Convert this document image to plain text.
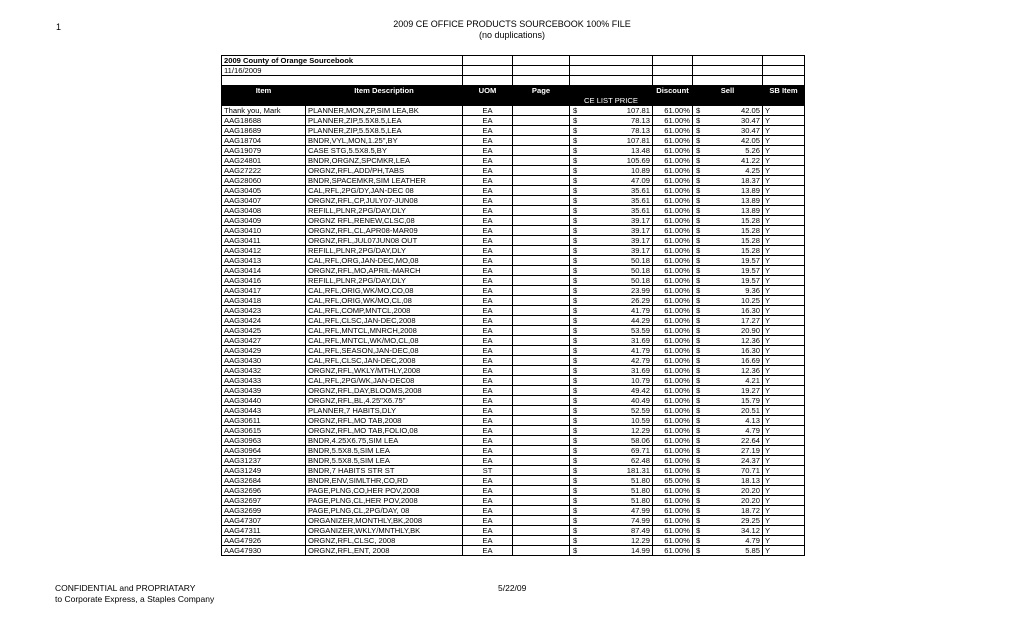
1	2009 CE OFFICE PRODUCTS SOURCEBOOK 100% FILE
(no duplications)
2009 County of Orange Sourcebook							
11/16/2009							

Item	Item Description	UOM	Page		Discount	Sell	SB Item
				CE LIST PRICE			
Thank you, Mark	PLANNER,MON,ZP,SIM LEA,BK	EA		$ 107.81	61.00%	$ 42.05	Y
AAG18688	PLANNER,ZIP,5.5X8.5,LEA	EA		$ 78.13	61.00%	$ 30.47	Y
AAG18689	PLANNER,ZIP,5.5X8.5,LEA	EA		$ 78.13	61.00%	$ 30.47	Y
AAG18704	BNDR,VYL,MON,1.25",BY	EA		$ 107.81	61.00%	$ 42.05	Y
AAG19079	CASE STG,5.5X8.5,BY	EA		$ 13.48	61.00%	$ 5.26	Y
AAG24801	BNDR,ORGNZ,SPCMKR,LEA	EA		$ 105.69	61.00%	$ 41.22	Y
AAG27222	ORGNZ,RFL,ADD/PH,TABS	EA		$ 10.89	61.00%	$ 4.25	Y
AAG28060	BNDR,SPACEMKR,SIM LEATHER	EA		$ 47.09	61.00%	$ 18.37	Y
AAG30405	CAL,RFL,2PG/DY,JAN-DEC 08	EA		$ 35.61	61.00%	$ 13.89	Y
AAG30407	ORGNZ,RFL,CP,JULY07-JUN08	EA		$ 35.61	61.00%	$ 13.89	Y
AAG30408	REFILL,PLNR,2PG/DAY,DLY	EA		$ 35.61	61.00%	$ 13.89	Y
AAG30409	ORGNZ RFL,RENEW,CLSC,08	EA		$ 39.17	61.00%	$ 15.28	Y
AAG30410	ORGNZ,RFL,CL,APR08-MAR09	EA		$ 39.17	61.00%	$ 15.28	Y
AAG30411	ORGNZ,RFL,JUL07JUN08 OUT	EA		$ 39.17	61.00%	$ 15.28	Y
AAG30412	REFILL,PLNR,2PG/DAY,DLY	EA		$ 39.17	61.00%	$ 15.28	Y
AAG30413	CAL,RFL,ORG,JAN-DEC,MO,08	EA		$ 50.18	61.00%	$ 19.57	Y
AAG30414	ORGNZ,RFL,MO,APRIL-MARCH	EA		$ 50.18	61.00%	$ 19.57	Y
AAG30416	REFILL,PLNR,2PG/DAY,DLY	EA		$ 50.18	61.00%	$ 19.57	Y
AAG30417	CAL,RFL,ORIG,WK/MO,CO,08	EA		$ 23.99	61.00%	$ 9.36	Y
AAG30418	CAL,RFL,ORIG,WK/MO,CL,08	EA		$ 26.29	61.00%	$ 10.25	Y
AAG30423	CAL,RFL,COMP,MNTCL,2008	EA		$ 41.79	61.00%	$ 16.30	Y
AAG30424	CAL,RFL,CLSC,JAN-DEC,2008	EA		$ 44.29	61.00%	$ 17.27	Y
AAG30425	CAL,RFL,MNTCL,MNRCH,2008	EA		$ 53.59	61.00%	$ 20.90	Y
AAG30427	CAL,RFL,MNTCL,WK/MO,CL,08	EA		$ 31.69	61.00%	$ 12.36	Y
AAG30429	CAL,RFL,SEASON,JAN-DEC,08	EA		$ 41.79	61.00%	$ 16.30	Y
AAG30430	CAL,RFL,CLSC,JAN-DEC,2008	EA		$ 42.79	61.00%	$ 16.69	Y
AAG30432	ORGNZ,RFL,WKLY/MTHLY,2008	EA		$ 31.69	61.00%	$ 12.36	Y
AAG30433	CAL,RFL,2PG/WK,JAN-DEC08	EA		$ 10.79	61.00%	$ 4.21	Y
AAG30439	ORGNZ,RFL,DAY,BLOOMS,2008	EA		$ 49.42	61.00%	$ 19.27	Y
AAG30440	ORGNZ,RFL,BL,4.25"X6.75"	EA		$ 40.49	61.00%	$ 15.79	Y
AAG30443	PLANNER,7 HABITS,DLY	EA		$ 52.59	61.00%	$ 20.51	Y
AAG30611	ORGNZ,RFL,MO TAB,2008	EA		$ 10.59	61.00%	$ 4.13	Y
AAG30615	ORGNZ,RFL,MO TAB,FOLIO,08	EA		$ 12.29	61.00%	$ 4.79	Y
AAG30963	BNDR,4.25X6.75,SIM LEA	EA		$ 58.06	61.00%	$ 22.64	Y
AAG30964	BNDR,5.5X8.5,SIM LEA	EA		$ 69.71	61.00%	$ 27.19	Y
AAG31237	BNDR,5.5X8.5,SIM LEA	EA		$ 62.48	61.00%	$ 24.37	Y
AAG31249	BNDR,7 HABITS STR ST	ST		$ 181.31	61.00%	$ 70.71	Y
AAG32684	BNDR,ENV,SIMLTHR,CO,RD	EA		$ 51.80	65.00%	$ 18.13	Y
AAG32696	PAGE,PLNG,CO,HER POV,2008	EA		$ 51.80	61.00%	$ 20.20	Y
AAG32697	PAGE,PLNG,CL,HER POV,2008	EA		$ 51.80	61.00%	$ 20.20	Y
AAG32699	PAGE,PLNG,CL,2PG/DAY, 08	EA		$ 47.99	61.00%	$ 18.72	Y
AAG47307	ORGANIZER,MONTHLY,BK,2008	EA		$ 74.99	61.00%	$ 29.25	Y
AAG47311	ORGANIZER,WKLY/MNTHLY,BK	EA		$ 87.49	61.00%	$ 34.12	Y
AAG47926	ORGNZ,RFL,CLSC, 2008	EA		$ 12.29	61.00%	$ 4.79	Y
AAG47930	ORGNZ,RFL,ENT, 2008	EA		$ 14.99	61.00%	$ 5.85	Y
CONFIDENTIAL and PROPRIATARY
to Corporate Express, a Staples Company
5/22/09
